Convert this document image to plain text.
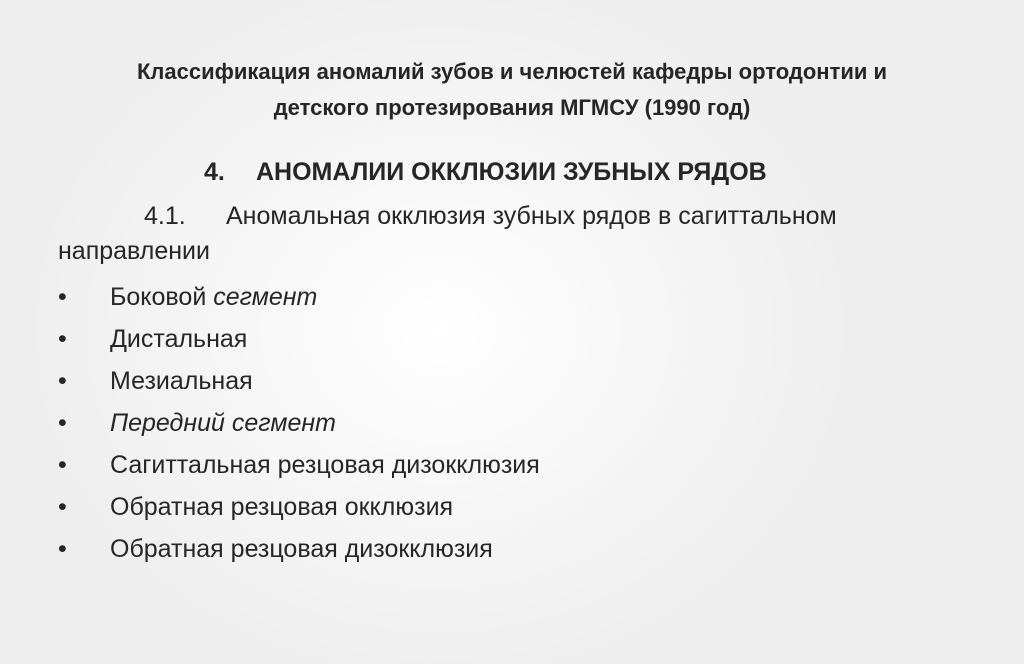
Классификация аномалий зубов и челюстей кафедры ортодонтии и
детского протезирования МГМСУ (1990 год)
4. АНОМАЛИИ ОККЛЮЗИИ ЗУБНЫХ РЯДОВ
4.1. Аномальная окклюзия зубных рядов в сагиттальном направлении
• Боковой сегмент
• Дистальная
• Мезиальная
• Передний сегмент
• Сагиттальная резцовая дизокклюзия
• Обратная резцовая окклюзия
• Обратная резцовая дизокклюзия
